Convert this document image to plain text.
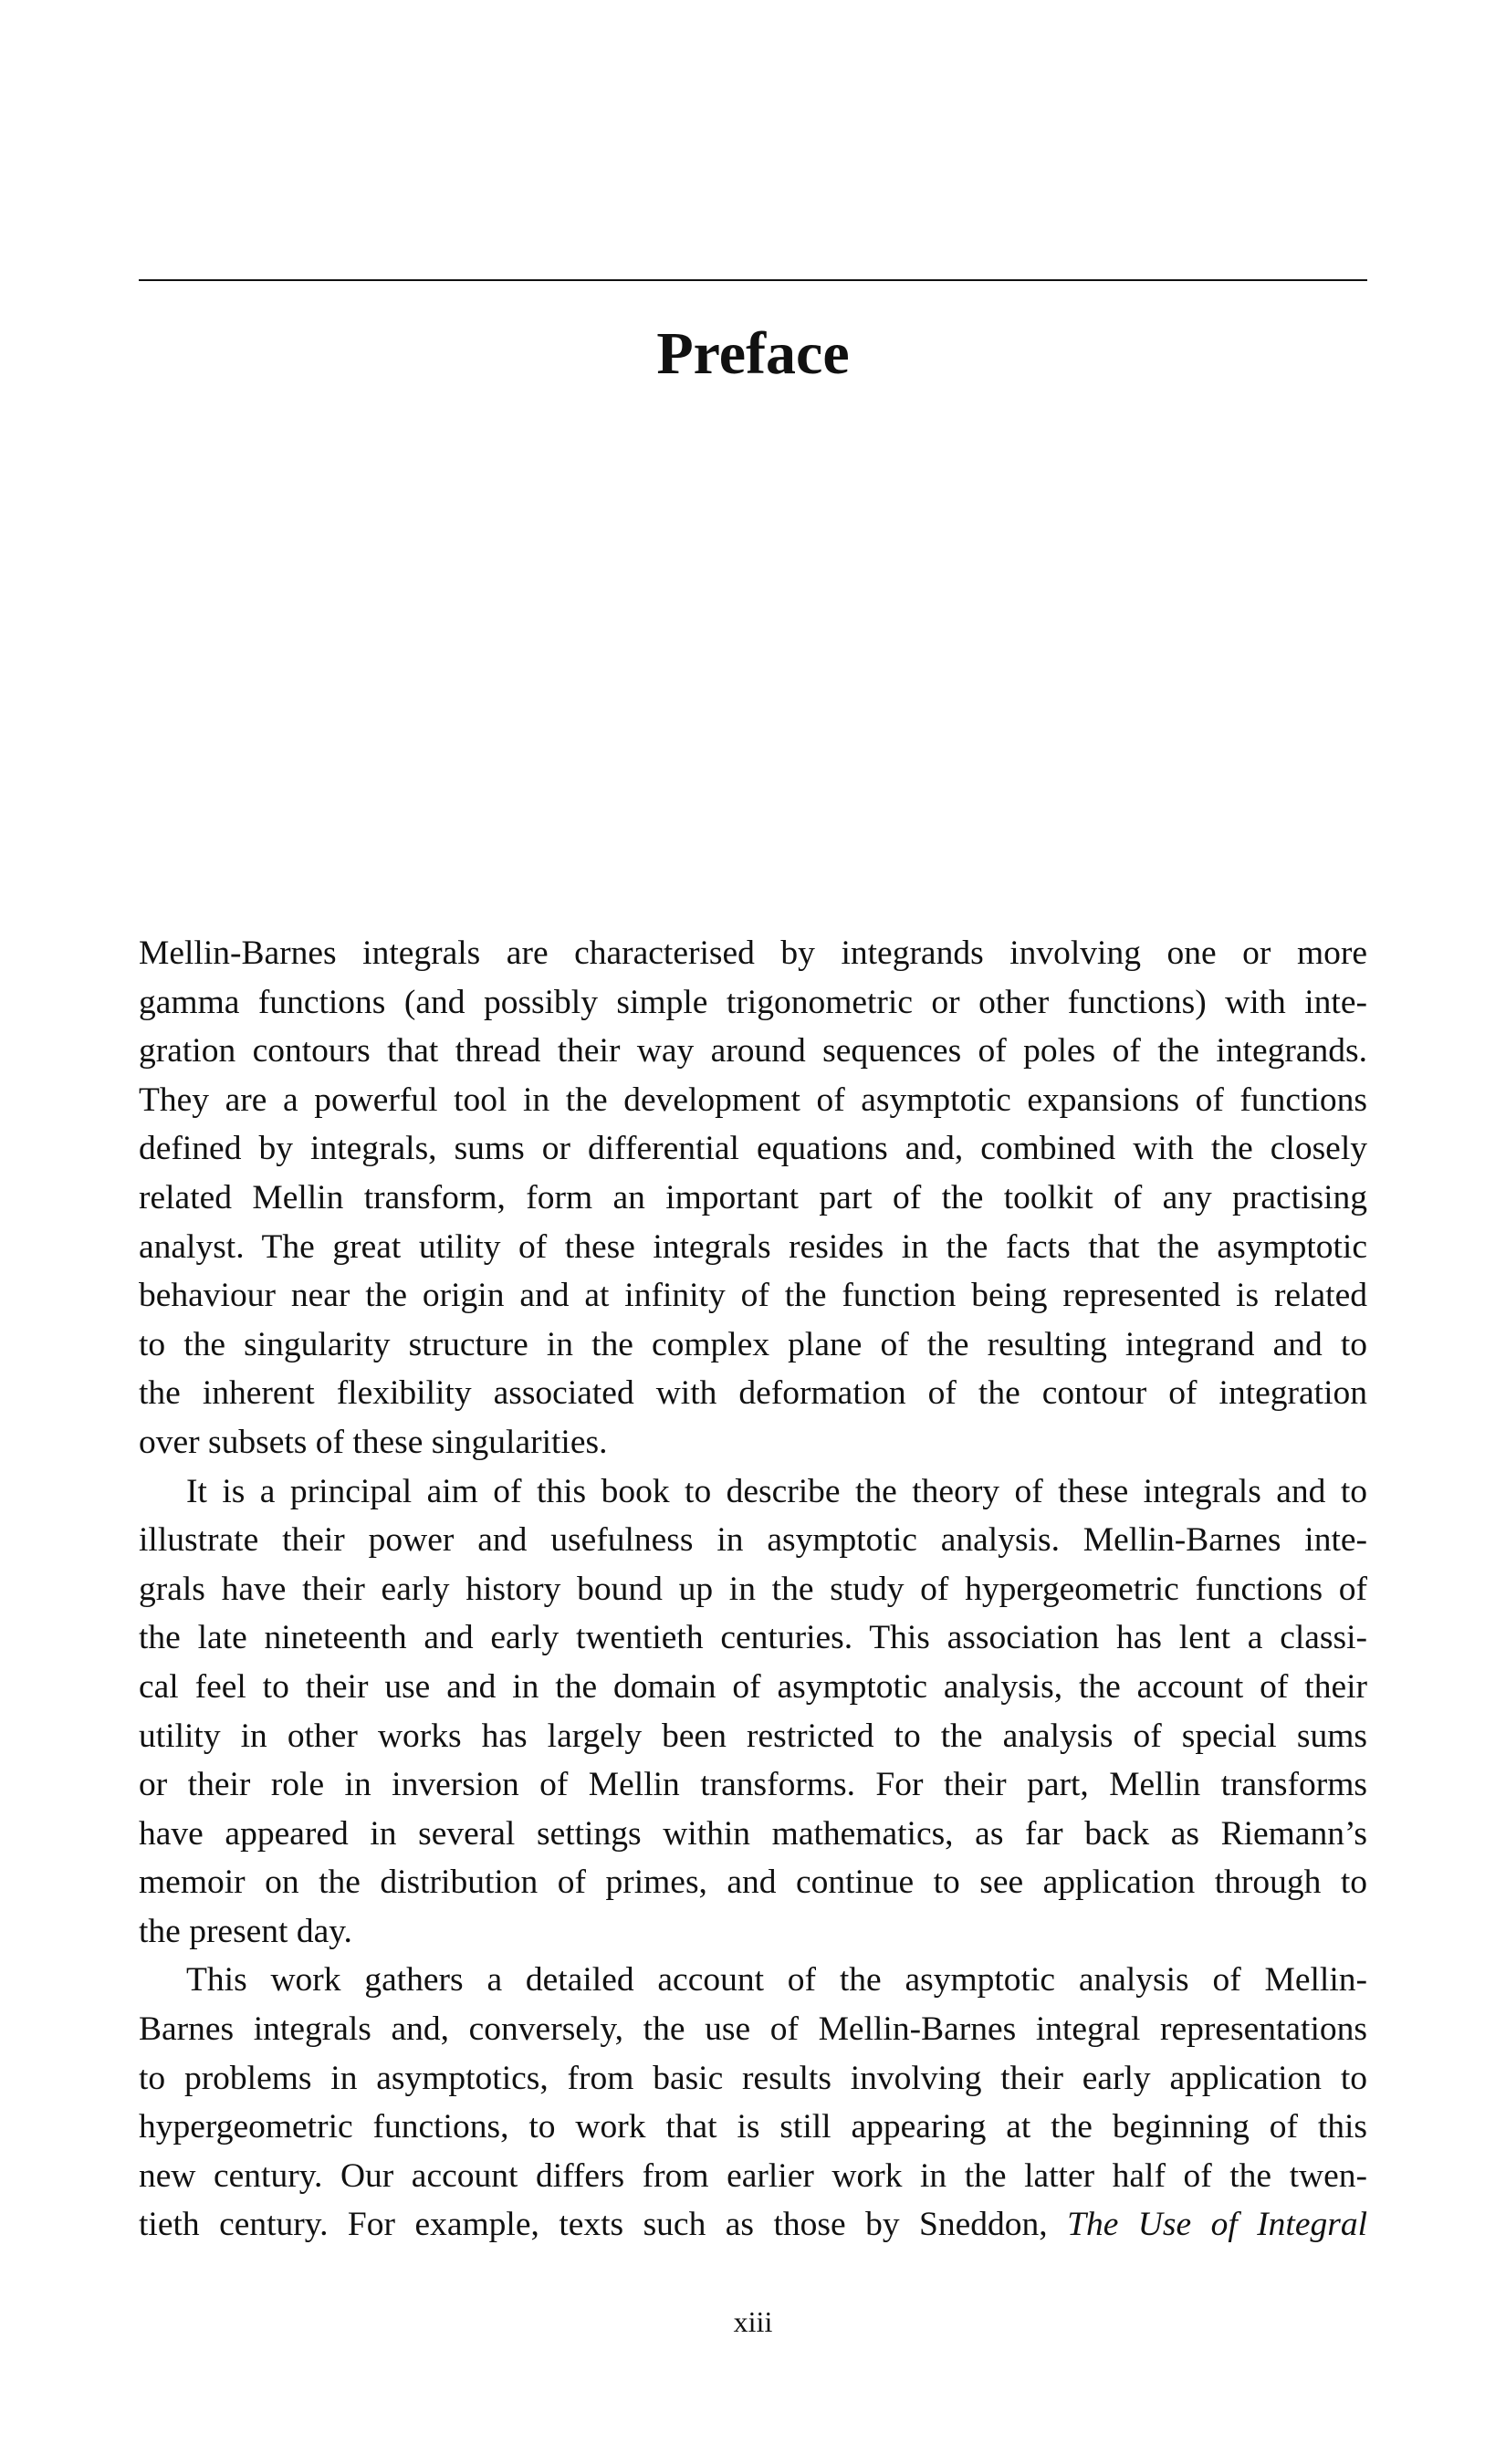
Preface

Mellin-Barnes integrals are characterised by integrands involving one or more

gamma functions (and possibly simple trigonometric or other functions) with inte-

gration contours that thread their way around sequences of poles of the integrands.

They are a powerful tool in the development of asymptotic expansions of functions

defined by integrals, sums or differential equations and, combined with the closely

related Mellin transform, form an important part of the toolkit of any practising

analyst. The great utility of these integrals resides in the facts that the asymptotic

behaviour near the origin and at infinity of the function being represented is related

to the singularity structure in the complex plane of the resulting integrand and to

the inherent flexibility associated with deformation of the contour of integration

over subsets of these singularities.

It is a principal aim of this book to describe the theory of these integrals and to

illustrate their power and usefulness in asymptotic analysis. Mellin-Barnes inte-

grals have their early history bound up in the study of hypergeometric functions of

the late nineteenth and early twentieth centuries. This association has lent a classi-

cal feel to their use and in the domain of asymptotic analysis, the account of their

utility in other works has largely been restricted to the analysis of special sums

or their role in inversion of Mellin transforms. For their part, Mellin transforms

have appeared in several settings within mathematics, as far back as Riemann’s

memoir on the distribution of primes, and continue to see application through to

the present day.

This work gathers a detailed account of the asymptotic analysis of Mellin-

Barnes integrals and, conversely, the use of Mellin-Barnes integral representations

to problems in asymptotics, from basic results involving their early application to

hypergeometric functions, to work that is still appearing at the beginning of this

new century. Our account differs from earlier work in the latter half of the twen-

tieth century. For example, texts such as those by Sneddon, The Use of Integral

xiii
